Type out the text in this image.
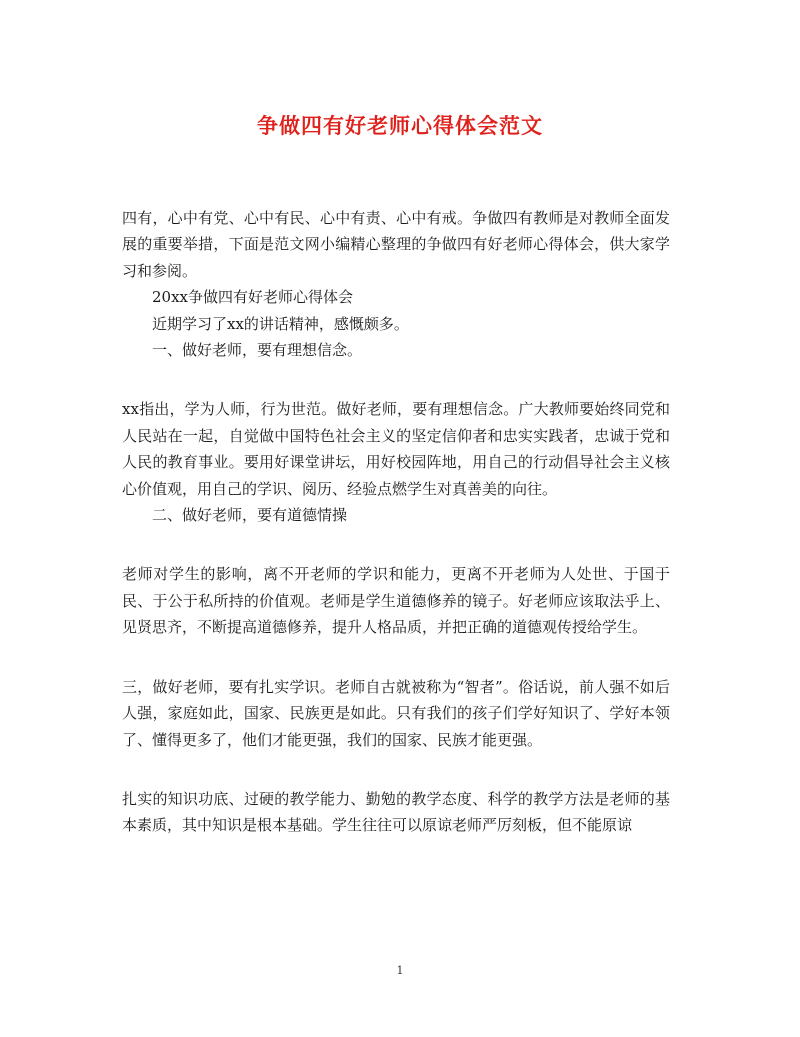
争做四有好老师心得体会范文

四有，心中有党、心中有民、心中有责、心中有戒。争做四有教师是对教师全面发展的重要举措，下面是范文网小编精心整理的争做四有好老师心得体会，供大家学习和参阅。

20xx争做四有好老师心得体会

近期学习了xx的讲话精神，感慨颇多。

一、做好老师，要有理想信念。

xx指出，学为人师，行为世范。做好老师，要有理想信念。广大教师要始终同党和人民站在一起，自觉做中国特色社会主义的坚定信仰者和忠实实践者，忠诚于党和人民的教育事业。要用好课堂讲坛，用好校园阵地，用自己的行动倡导社会主义核心价值观，用自己的学识、阅历、经验点燃学生对真善美的向往。

二、做好老师，要有道德情操

老师对学生的影响，离不开老师的学识和能力，更离不开老师为人处世、于国于民、于公于私所持的价值观。老师是学生道德修养的镜子。好老师应该取法乎上、见贤思齐，不断提高道德修养，提升人格品质，并把正确的道德观传授给学生。

三，做好老师，要有扎实学识。老师自古就被称为“智者”。俗话说，前人强不如后人强，家庭如此，国家、民族更是如此。只有我们的孩子们学好知识了、学好本领了、懂得更多了，他们才能更强，我们的国家、民族才能更强。

扎实的知识功底、过硬的教学能力、勤勉的教学态度、科学的教学方法是老师的基本素质，其中知识是根本基础。学生往往可以原谅老师严厉刻板，但不能原谅

1
